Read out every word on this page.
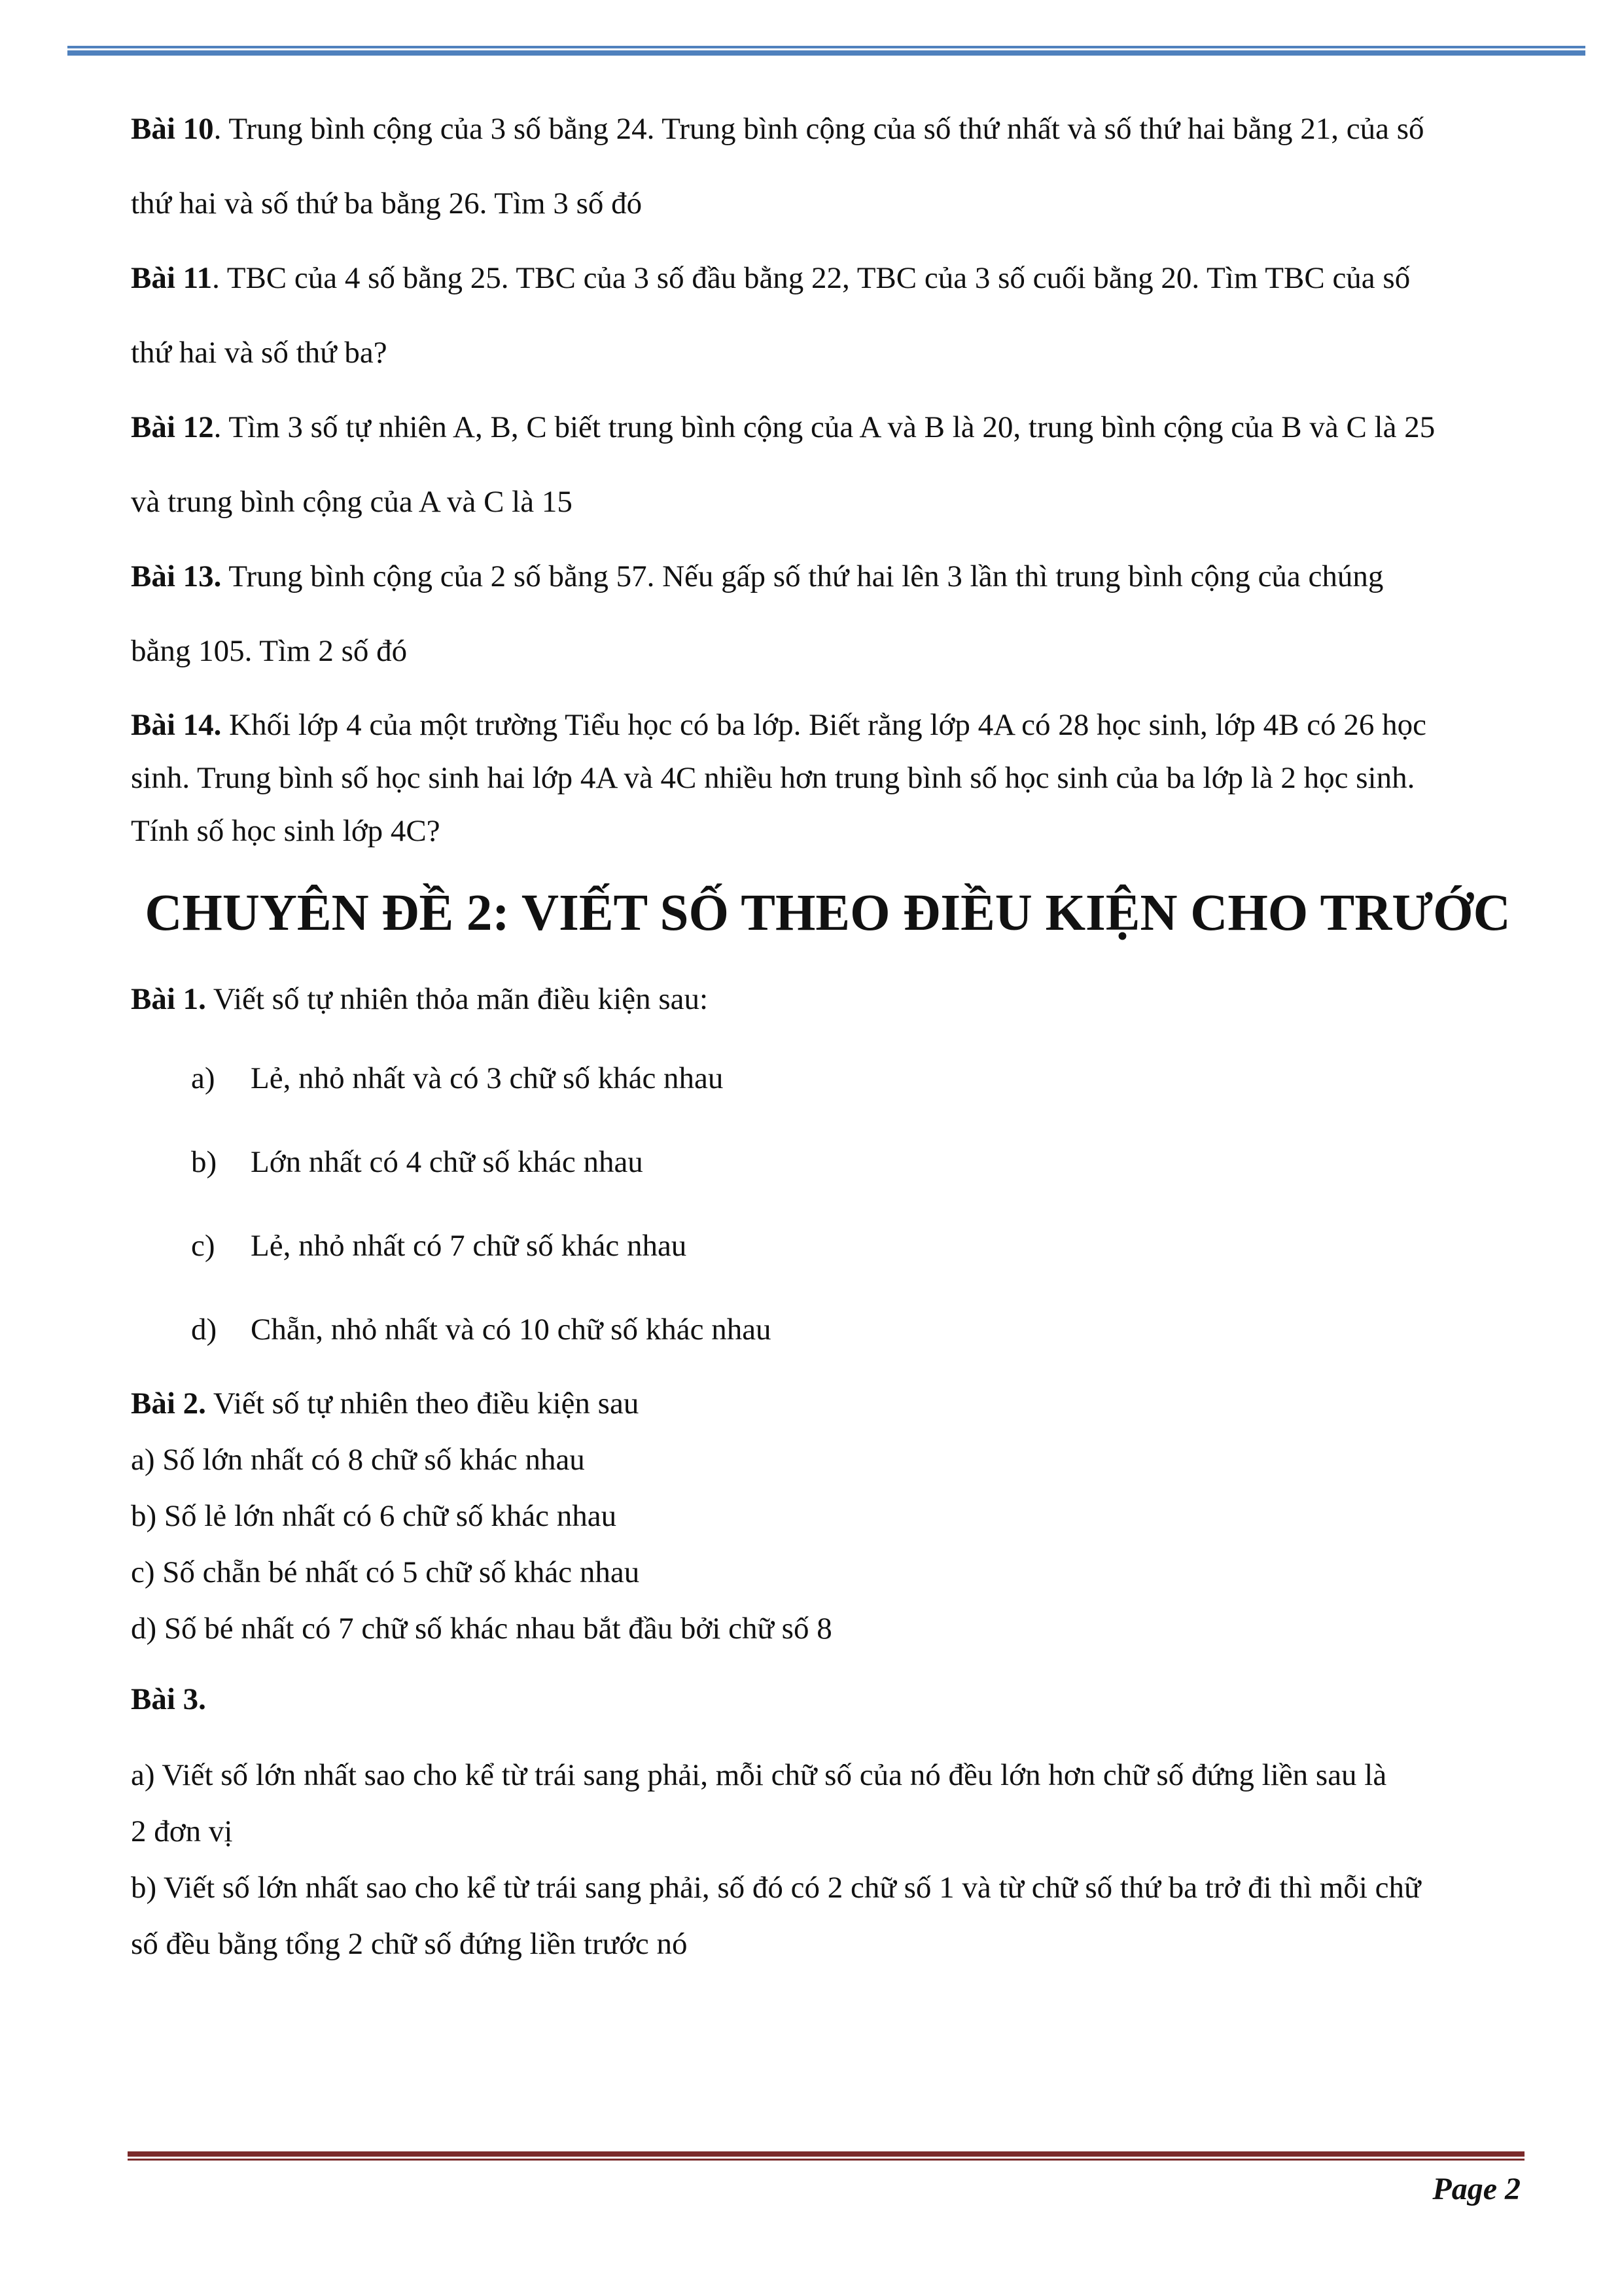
Bài 10. Trung bình cộng của 3 số bằng 24. Trung bình cộng của số thứ nhất và số thứ hai bằng 21, của số

thứ hai và số thứ ba bằng 26. Tìm 3 số đó

Bài 11. TBC của 4 số bằng 25. TBC của 3 số đầu bằng 22, TBC của 3 số cuối bằng 20. Tìm TBC của số

thứ hai và số thứ ba?

Bài 12. Tìm 3 số tự nhiên A, B, C biết trung bình cộng của A và B là 20, trung bình cộng của B và C là 25

và trung bình cộng của A và C là 15

Bài 13. Trung bình cộng của 2 số bằng 57. Nếu gấp số thứ hai lên 3 lần thì trung bình cộng của chúng

bằng 105. Tìm 2 số đó

Bài 14. Khối lớp 4 của một trường Tiểu học có ba lớp. Biết rằng lớp 4A có 28 học sinh, lớp 4B có 26 học

sinh. Trung bình số học sinh hai lớp 4A và 4C nhiều hơn trung bình số học sinh của ba lớp là 2 học sinh.

Tính số học sinh lớp 4C?

CHUYÊN ĐỀ 2: VIẾT SỐ THEO ĐIỀU KIỆN CHO TRƯỚC

Bài 1. Viết số tự nhiên thỏa mãn điều kiện sau:

a) Lẻ, nhỏ nhất và có 3 chữ số khác nhau
b) Lớn nhất có 4 chữ số khác nhau
c) Lẻ, nhỏ nhất có 7 chữ số khác nhau
d) Chẵn, nhỏ nhất và có 10 chữ số khác nhau

Bài 2. Viết số tự nhiên theo điều kiện sau

a) Số lớn nhất có 8 chữ số khác nhau

b) Số lẻ lớn nhất có 6 chữ số khác nhau

c) Số chẵn bé nhất có 5 chữ số khác nhau

d) Số bé nhất có 7 chữ số khác nhau bắt đầu bởi chữ số 8

Bài 3.

a) Viết số lớn nhất sao cho kể từ trái sang phải, mỗi chữ số của nó đều lớn hơn chữ số đứng liền sau là

2 đơn vị

b) Viết số lớn nhất sao cho kể từ trái sang phải, số đó có 2 chữ số 1 và từ chữ số thứ ba trở đi thì mỗi chữ

số đều bằng tổng 2 chữ số đứng liền trước nó

Page 2
